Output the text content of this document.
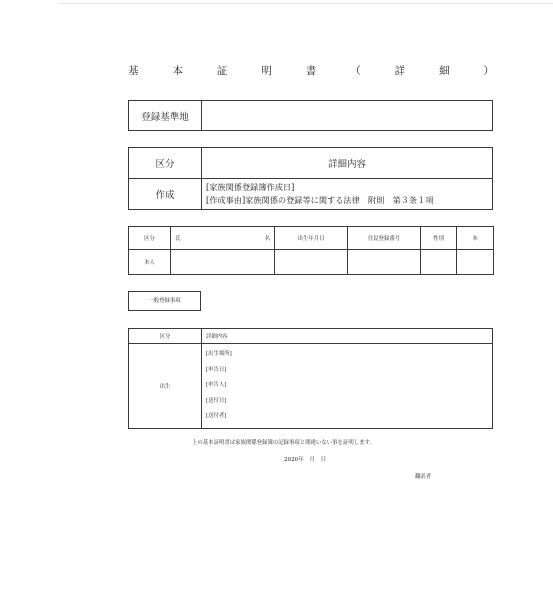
基	本	証	明	書	（	詳	細	）
登録基準地	
区分	詳細内容
作成	[家族関係登録簿作成日]
[作成事由]家族関係の登録等に関する法律　附則　第３条１項
区分	氏 名	出生年月日	住民登録番号	性別	本
本人					
一般登録事項
区分	詳細内容
出生	[出生場所]
[申告日]
[申告人]
[送付日]
[送付者]
上の基本証明書は家族関係登録簿の記録事項と間違いない事を証明します。
2020年　月　日
翻訳者
